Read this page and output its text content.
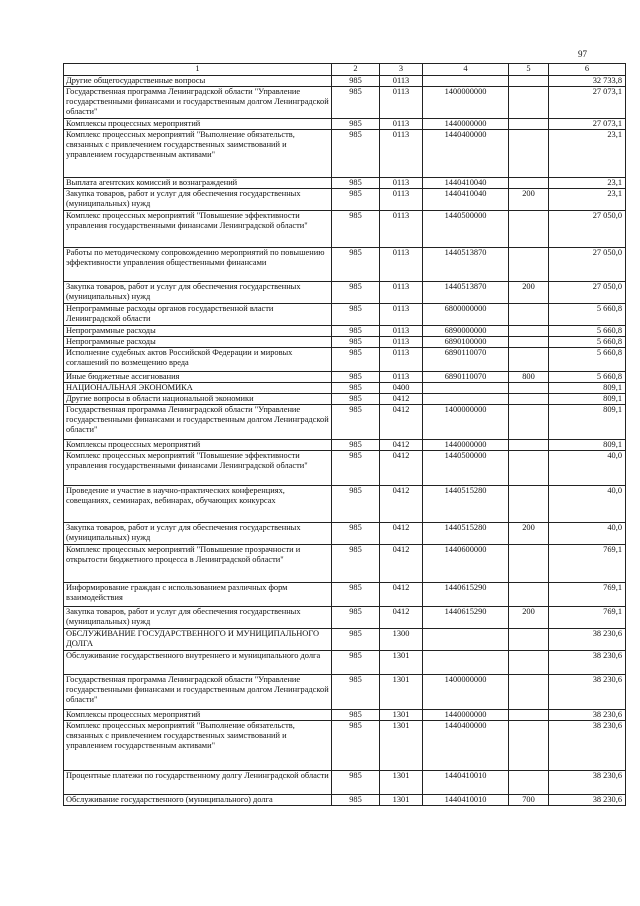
97
1	2	3	4	5	6
Другие общегосударственные вопросы	985	0113			32 733,8
Государственная программа Ленинградской области "Управление государственными финансами и государственным долгом Ленинградской области"	985	0113	1400000000		27 073,1
Комплексы процессных мероприятий	985	0113	1440000000		27 073,1
Комплекс процессных мероприятий "Выполнение обязательств, связанных с привлечением государственных заимствований и управлением государственным активами"	985	0113	1440400000		23,1
Выплата агентских комиссий и вознаграждений	985	0113	1440410040		23,1
Закупка товаров, работ и услуг для обеспечения государственных (муниципальных) нужд	985	0113	1440410040	200	23,1
Комплекс процессных мероприятий "Повышение эффективности управления государственными финансами Ленинградской области"	985	0113	1440500000		27 050,0
Работы по методическому сопровождению мероприятий по повышению эффективности управления общественными финансами	985	0113	1440513870		27 050,0
Закупка товаров, работ и услуг для обеспечения государственных (муниципальных) нужд	985	0113	1440513870	200	27 050,0
Непрограммные расходы органов государственной власти Ленинградской области	985	0113	6800000000		5 660,8
Непрограммные расходы	985	0113	6890000000		5 660,8
Непрограммные расходы	985	0113	6890100000		5 660,8
Исполнение судебных актов Российской Федерации и мировых соглашений по возмещению вреда	985	0113	6890110070		5 660,8
Иные бюджетные ассигнования	985	0113	6890110070	800	5 660,8
НАЦИОНАЛЬНАЯ ЭКОНОМИКА	985	0400			809,1
Другие вопросы в области национальной экономики	985	0412			809,1
Государственная программа Ленинградской области "Управление государственными финансами и государственным долгом Ленинградской области"	985	0412	1400000000		809,1
Комплексы процессных мероприятий	985	0412	1440000000		809,1
Комплекс процессных мероприятий "Повышение эффективности управления государственными финансами Ленинградской области"	985	0412	1440500000		40,0
Проведение и участие в научно-практических конференциях, совещаниях, семинарах, вебинарах, обучающих конкурсах	985	0412	1440515280		40,0
Закупка товаров, работ и услуг для обеспечения государственных (муниципальных) нужд	985	0412	1440515280	200	40,0
Комплекс процессных мероприятий "Повышение прозрачности и открытости бюджетного процесса в Ленинградской области"	985	0412	1440600000		769,1
Информирование граждан с использованием различных форм взаимодействия	985	0412	1440615290		769,1
Закупка товаров, работ и услуг для обеспечения государственных (муниципальных) нужд	985	0412	1440615290	200	769,1
ОБСЛУЖИВАНИЕ ГОСУДАРСТВЕННОГО И МУНИЦИПАЛЬНОГО ДОЛГА	985	1300			38 230,6
Обслуживание государственного внутреннего и муниципального долга	985	1301			38 230,6
Государственная программа Ленинградской области "Управление государственными финансами и государственным долгом Ленинградской области"	985	1301	1400000000		38 230,6
Комплексы процессных мероприятий	985	1301	1440000000		38 230,6
Комплекс процессных мероприятий "Выполнение обязательств, связанных с привлечением государственных заимствований и управлением государственным активами"	985	1301	1440400000		38 230,6
Процентные платежи по государственному долгу Ленинградской области	985	1301	1440410010		38 230,6
Обслуживание государственного (муниципального) долга	985	1301	1440410010	700	38 230,6
